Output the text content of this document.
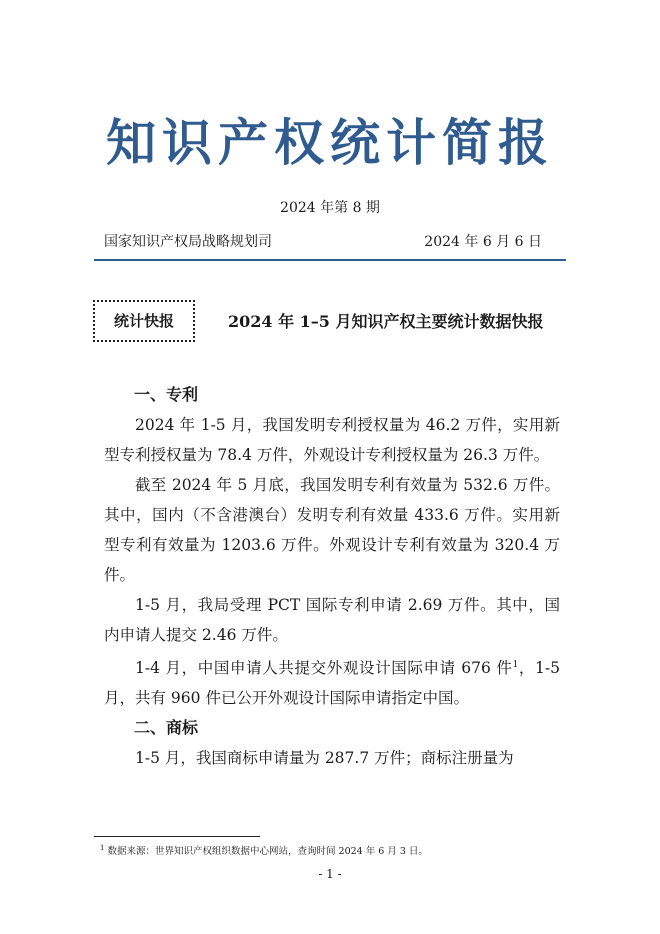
知识产权统计简报
2024 年第 8 期
国家知识产权局战略规划司	2024 年 6 月 6 日
统计快报	2024 年 1–5 月知识产权主要统计数据快报

一、专利

2024 年 1-5 月，我国发明专利授权量为 46.2 万件，实用新型专利授权量为 78.4 万件，外观设计专利授权量为 26.3 万件。

截至 2024 年 5 月底，我国发明专利有效量为 532.6 万件。其中，国内（不含港澳台）发明专利有效量 433.6 万件。实用新型专利有效量为 1203.6 万件。外观设计专利有效量为 320.4 万件。

1-5 月，我局受理 PCT 国际专利申请 2.69 万件。其中，国内申请人提交 2.46 万件。

1-4 月，中国申请人共提交外观设计国际申请 676 件$^1$，1-5 月，共有 960 件已公开外观设计国际申请指定中国。

二、商标

1-5 月，我国商标申请量为 287.7 万件；商标注册量为

$^1$ 数据来源：世界知识产权组织数据中心网站，查询时间 2024 年 6 月 3 日。
- 1 -
